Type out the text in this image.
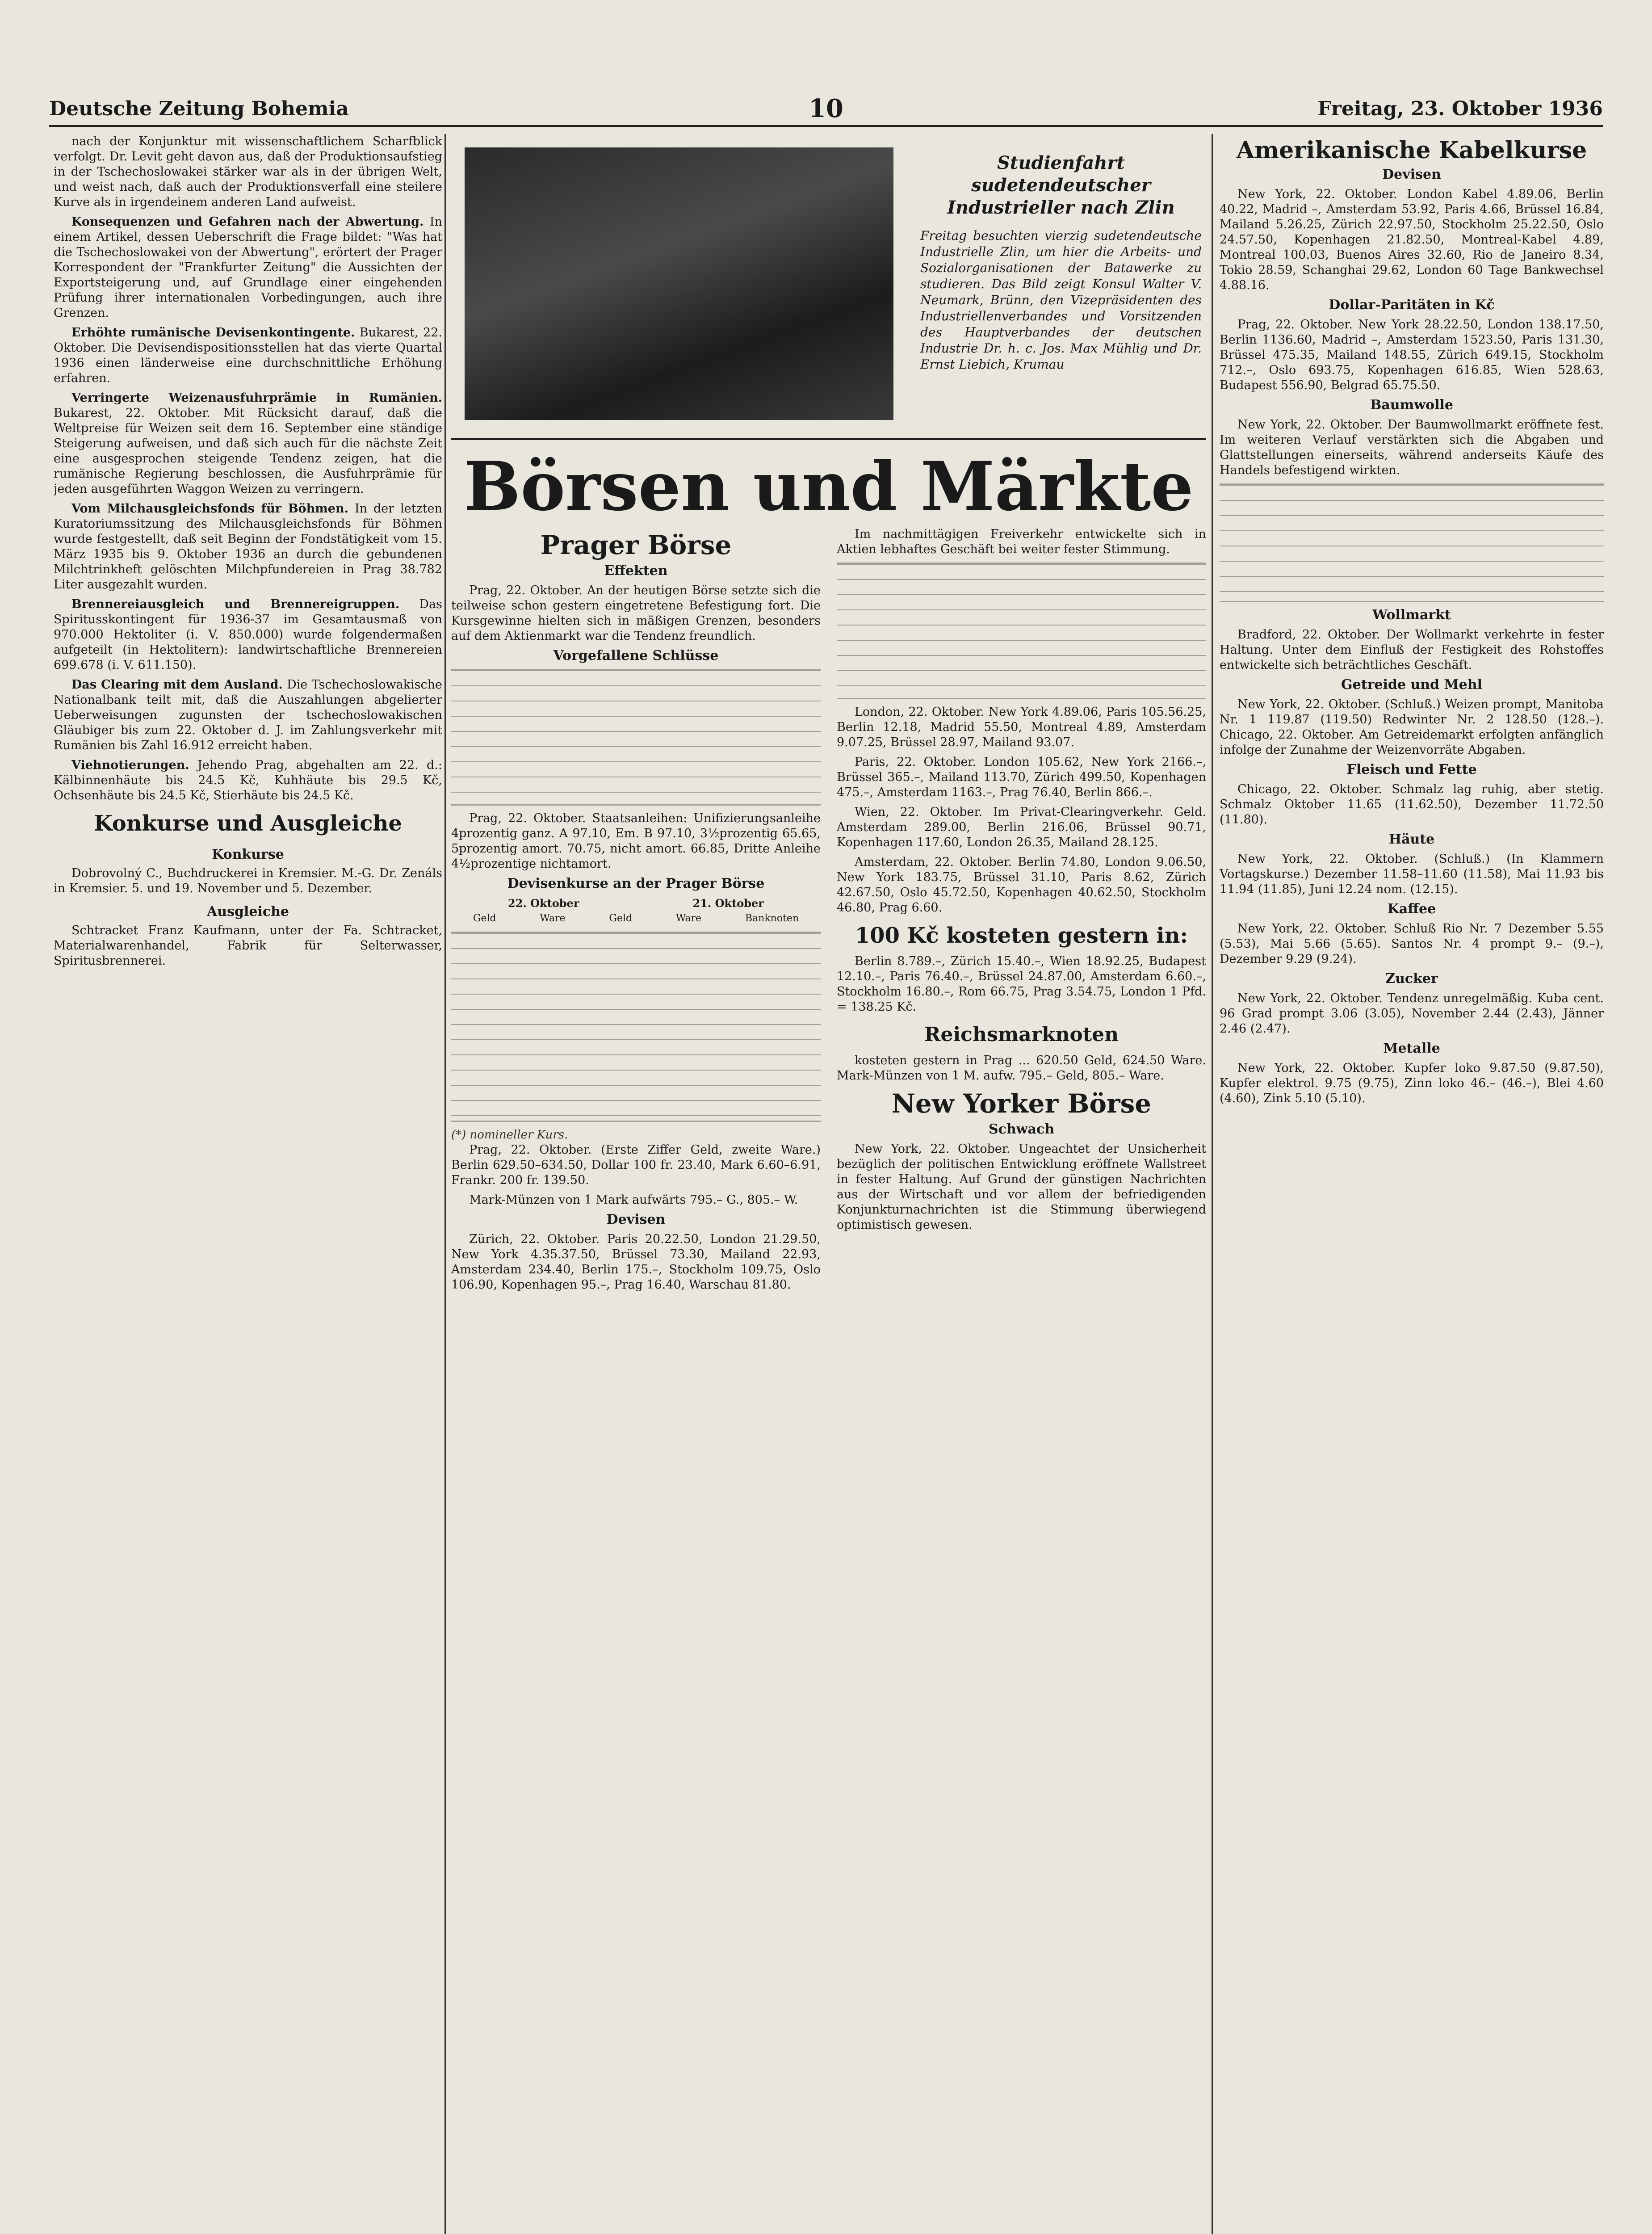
Deutsche Zeitung Bohemia	10	Freitag, 23. Oktober 1936

nach der Konjunktur mit wissenschaftlichem Scharfblick verfolgt. Dr. Levit geht davon aus, daß der Produktionsaufstieg in der Tschechoslowakei stärker war als in der übrigen Welt, und weist nach, daß auch der Produktionsverfall eine steilere Kurve als in irgendeinem anderen Land aufweist.

Konsequenzen und Gefahren nach der Abwertung. In einem Artikel, dessen Ueberschrift die Frage bildet: "Was hat die Tschechoslowakei von der Abwertung", erörtert der Prager Korrespondent der "Frankfurter Zeitung" die Aussichten der Exportsteigerung und, auf Grundlage einer eingehenden Prüfung ihrer internationalen Vorbedingungen, auch ihre Grenzen.

Erhöhte rumänische Devisenkontingente. Bukarest, 22. Oktober. Die Devisendispositionsstellen hat das vierte Quartal 1936 einen länderweise eine durchschnittliche Erhöhung erfahren.

Verringerte Weizenausfuhrprämie in Rumänien. Bukarest, 22. Oktober. Mit Rücksicht darauf, daß die Weltpreise für Weizen seit dem 16. September eine ständige Steigerung aufweisen, und daß sich auch für die nächste Zeit eine ausgesprochen steigende Tendenz zeigen, hat die rumänische Regierung beschlossen, die Ausfuhrprämie für jeden ausgeführten Waggon Weizen zu verringern.

Vom Milchausgleichsfonds für Böhmen. In der letzten Kuratoriumssitzung des Milchausgleichsfonds für Böhmen wurde festgestellt, daß seit Beginn der Fondstätigkeit vom 15. März 1935 bis 9. Oktober 1936 an durch die gebundenen Milchtrinkheft gelöschten Milchpfundereien in Prag 38.782 Liter ausgezahlt wurden.

Brennereiausgleich und Brennereigruppen. Das Spiritusskontingent für 1936-37 im Gesamtausmaß von 970.000 Hektoliter (i. V. 850.000) wurde folgendermaßen aufgeteilt (in Hektolitern): landwirtschaftliche Brennereien 699.678 (i. V. 611.150).

Das Clearing mit dem Ausland. Die Tschechoslowakische Nationalbank teilt mit, daß die Auszahlungen abgelierter Ueberweisungen zugunsten der tschechoslowakischen Gläubiger bis zum 22. Oktober d. J. im Zahlungsverkehr mit Rumänien bis Zahl 16.912 erreicht haben.

Viehnotierungen. Jehendo Prag, abgehalten am 22. d.: Kälbinnenhäute bis 24.5 Kč, Kuhhäute bis 29.5 Kč, Ochsenhäute bis 24.5 Kč, Stierhäute bis 24.5 Kč.

Konkurse und Ausgleiche
Konkurse

Dobrovolný C., Buchdruckerei in Kremsier. M.-G. Dr. Zenáls in Kremsier. 5. und 19. November und 5. Dezember.

Ausgleiche

Schtracket Franz Kaufmann, unter der Fa. Schtracket, Materialwarenhandel, Fabrik für Selterwasser, Spiritusbrennerei.

Studienfahrt sudetendeutscher Industrieller nach Zlin
Freitag besuchten vierzig sudetendeutsche Industrielle Zlin, um hier die Arbeits- und Sozialorganisationen der Batawerke zu studieren. Das Bild zeigt Konsul Walter V. Neumark, Brünn, den Vizepräsidenten des Industriellenverbandes und Vorsitzenden des Hauptverbandes der deutschen Industrie Dr. h. c. Jos. Max Mühlig und Dr. Ernst Liebich, Krumau
Börsen und Märkte
Prager Börse
Effekten

Prag, 22. Oktober. An der heutigen Börse setzte sich die teilweise schon gestern eingetretene Befestigung fort. Die Kursgewinne hielten sich in mäßigen Grenzen, besonders auf dem Aktienmarkt war die Tendenz freundlich.

Vorgefallene Schlüsse

Prag, 22. Oktober. Staatsanleihen: Unifizierungsanleihe 4prozentig ganz. A 97.10, Em. B 97.10, 3½prozentig 65.65, 5prozentig amort. 70.75, nicht amort. 66.85, Dritte Anleihe 4½prozentige nichtamort.

Devisenkurse an der Prager Börse
22. Oktober	21. Oktober
Geld	Ware	Geld	Ware	Banknoten
(*) nomineller Kurs.

Prag, 22. Oktober. (Erste Ziffer Geld, zweite Ware.) Berlin 629.50–634.50, Dollar 100 fr. 23.40, Mark 6.60–6.91, Frankr. 200 fr. 139.50.

Mark-Münzen von 1 Mark aufwärts 795.– G., 805.– W.

Devisen

Zürich, 22. Oktober. Paris 20.22.50, London 21.29.50, New York 4.35.37.50, Brüssel 73.30, Mailand 22.93, Amsterdam 234.40, Berlin 175.–, Stockholm 109.75, Oslo 106.90, Kopenhagen 95.–, Prag 16.40, Warschau 81.80.

Im nachmittägigen Freiverkehr entwickelte sich in Aktien lebhaftes Geschäft bei weiter fester Stimmung.

London, 22. Oktober. New York 4.89.06, Paris 105.56.25, Berlin 12.18, Madrid 55.50, Montreal 4.89, Amsterdam 9.07.25, Brüssel 28.97, Mailand 93.07.

Paris, 22. Oktober. London 105.62, New York 2166.–, Brüssel 365.–, Mailand 113.70, Zürich 499.50, Kopenhagen 475.–, Amsterdam 1163.–, Prag 76.40, Berlin 866.–.

Wien, 22. Oktober. Im Privat-Clearingverkehr. Geld. Amsterdam 289.00, Berlin 216.06, Brüssel 90.71, Kopenhagen 117.60, London 26.35, Mailand 28.125.

Amsterdam, 22. Oktober. Berlin 74.80, London 9.06.50, New York 183.75, Brüssel 31.10, Paris 8.62, Zürich 42.67.50, Oslo 45.72.50, Kopenhagen 40.62.50, Stockholm 46.80, Prag 6.60.

100 Kč kosteten gestern in:

Berlin 8.789.–, Zürich 15.40.–, Wien 18.92.25, Budapest 12.10.–, Paris 76.40.–, Brüssel 24.87.00, Amsterdam 6.60.–, Stockholm 16.80.–, Rom 66.75, Prag 3.54.75, London 1 Pfd. = 138.25 Kč.

Reichsmarknoten

kosteten gestern in Prag ... 620.50 Geld, 624.50 Ware. Mark-Münzen von 1 M. aufw. 795.– Geld, 805.– Ware.

New Yorker Börse
Schwach

New York, 22. Oktober. Ungeachtet der Unsicherheit bezüglich der politischen Entwicklung eröffnete Wallstreet in fester Haltung. Auf Grund der günstigen Nachrichten aus der Wirtschaft und vor allem der befriedigenden Konjunkturnachrichten ist die Stimmung überwiegend optimistisch gewesen.

Amerikanische Kabelkurse
Devisen

New York, 22. Oktober. London Kabel 4.89.06, Berlin 40.22, Madrid –, Amsterdam 53.92, Paris 4.66, Brüssel 16.84, Mailand 5.26.25, Zürich 22.97.50, Stockholm 25.22.50, Oslo 24.57.50, Kopenhagen 21.82.50, Montreal-Kabel 4.89, Montreal 100.03, Buenos Aires 32.60, Rio de Janeiro 8.34, Tokio 28.59, Schanghai 29.62, London 60 Tage Bankwechsel 4.88.16.

Dollar-Paritäten in Kč

Prag, 22. Oktober. New York 28.22.50, London 138.17.50, Berlin 1136.60, Madrid –, Amsterdam 1523.50, Paris 131.30, Brüssel 475.35, Mailand 148.55, Zürich 649.15, Stockholm 712.–, Oslo 693.75, Kopenhagen 616.85, Wien 528.63, Budapest 556.90, Belgrad 65.75.50.

Baumwolle

New York, 22. Oktober. Der Baumwollmarkt eröffnete fest. Im weiteren Verlauf verstärkten sich die Abgaben und Glattstellungen einerseits, während anderseits Käufe des Handels befestigend wirkten.

Wollmarkt

Bradford, 22. Oktober. Der Wollmarkt verkehrte in fester Haltung. Unter dem Einfluß der Festigkeit des Rohstoffes entwickelte sich beträchtliches Geschäft.

Getreide und Mehl

New York, 22. Oktober. (Schluß.) Weizen prompt, Manitoba Nr. 1 119.87 (119.50) Redwinter Nr. 2 128.50 (128.–). Chicago, 22. Oktober. Am Getreidemarkt erfolgten anfänglich infolge der Zunahme der Weizenvorräte Abgaben.

Fleisch und Fette

Chicago, 22. Oktober. Schmalz lag ruhig, aber stetig. Schmalz Oktober 11.65 (11.62.50), Dezember 11.72.50 (11.80).

Häute

New York, 22. Oktober. (Schluß.) (In Klammern Vortagskurse.) Dezember 11.58–11.60 (11.58), Mai 11.93 bis 11.94 (11.85), Juni 12.24 nom. (12.15).

Kaffee

New York, 22. Oktober. Schluß Rio Nr. 7 Dezember 5.55 (5.53), Mai 5.66 (5.65). Santos Nr. 4 prompt 9.– (9.–), Dezember 9.29 (9.24).

Zucker

New York, 22. Oktober. Tendenz unregelmäßig. Kuba cent. 96 Grad prompt 3.06 (3.05), November 2.44 (2.43), Jänner 2.46 (2.47).

Metalle

New York, 22. Oktober. Kupfer loko 9.87.50 (9.87.50), Kupfer elektrol. 9.75 (9.75), Zinn loko 46.– (46.–), Blei 4.60 (4.60), Zink 5.10 (5.10).
